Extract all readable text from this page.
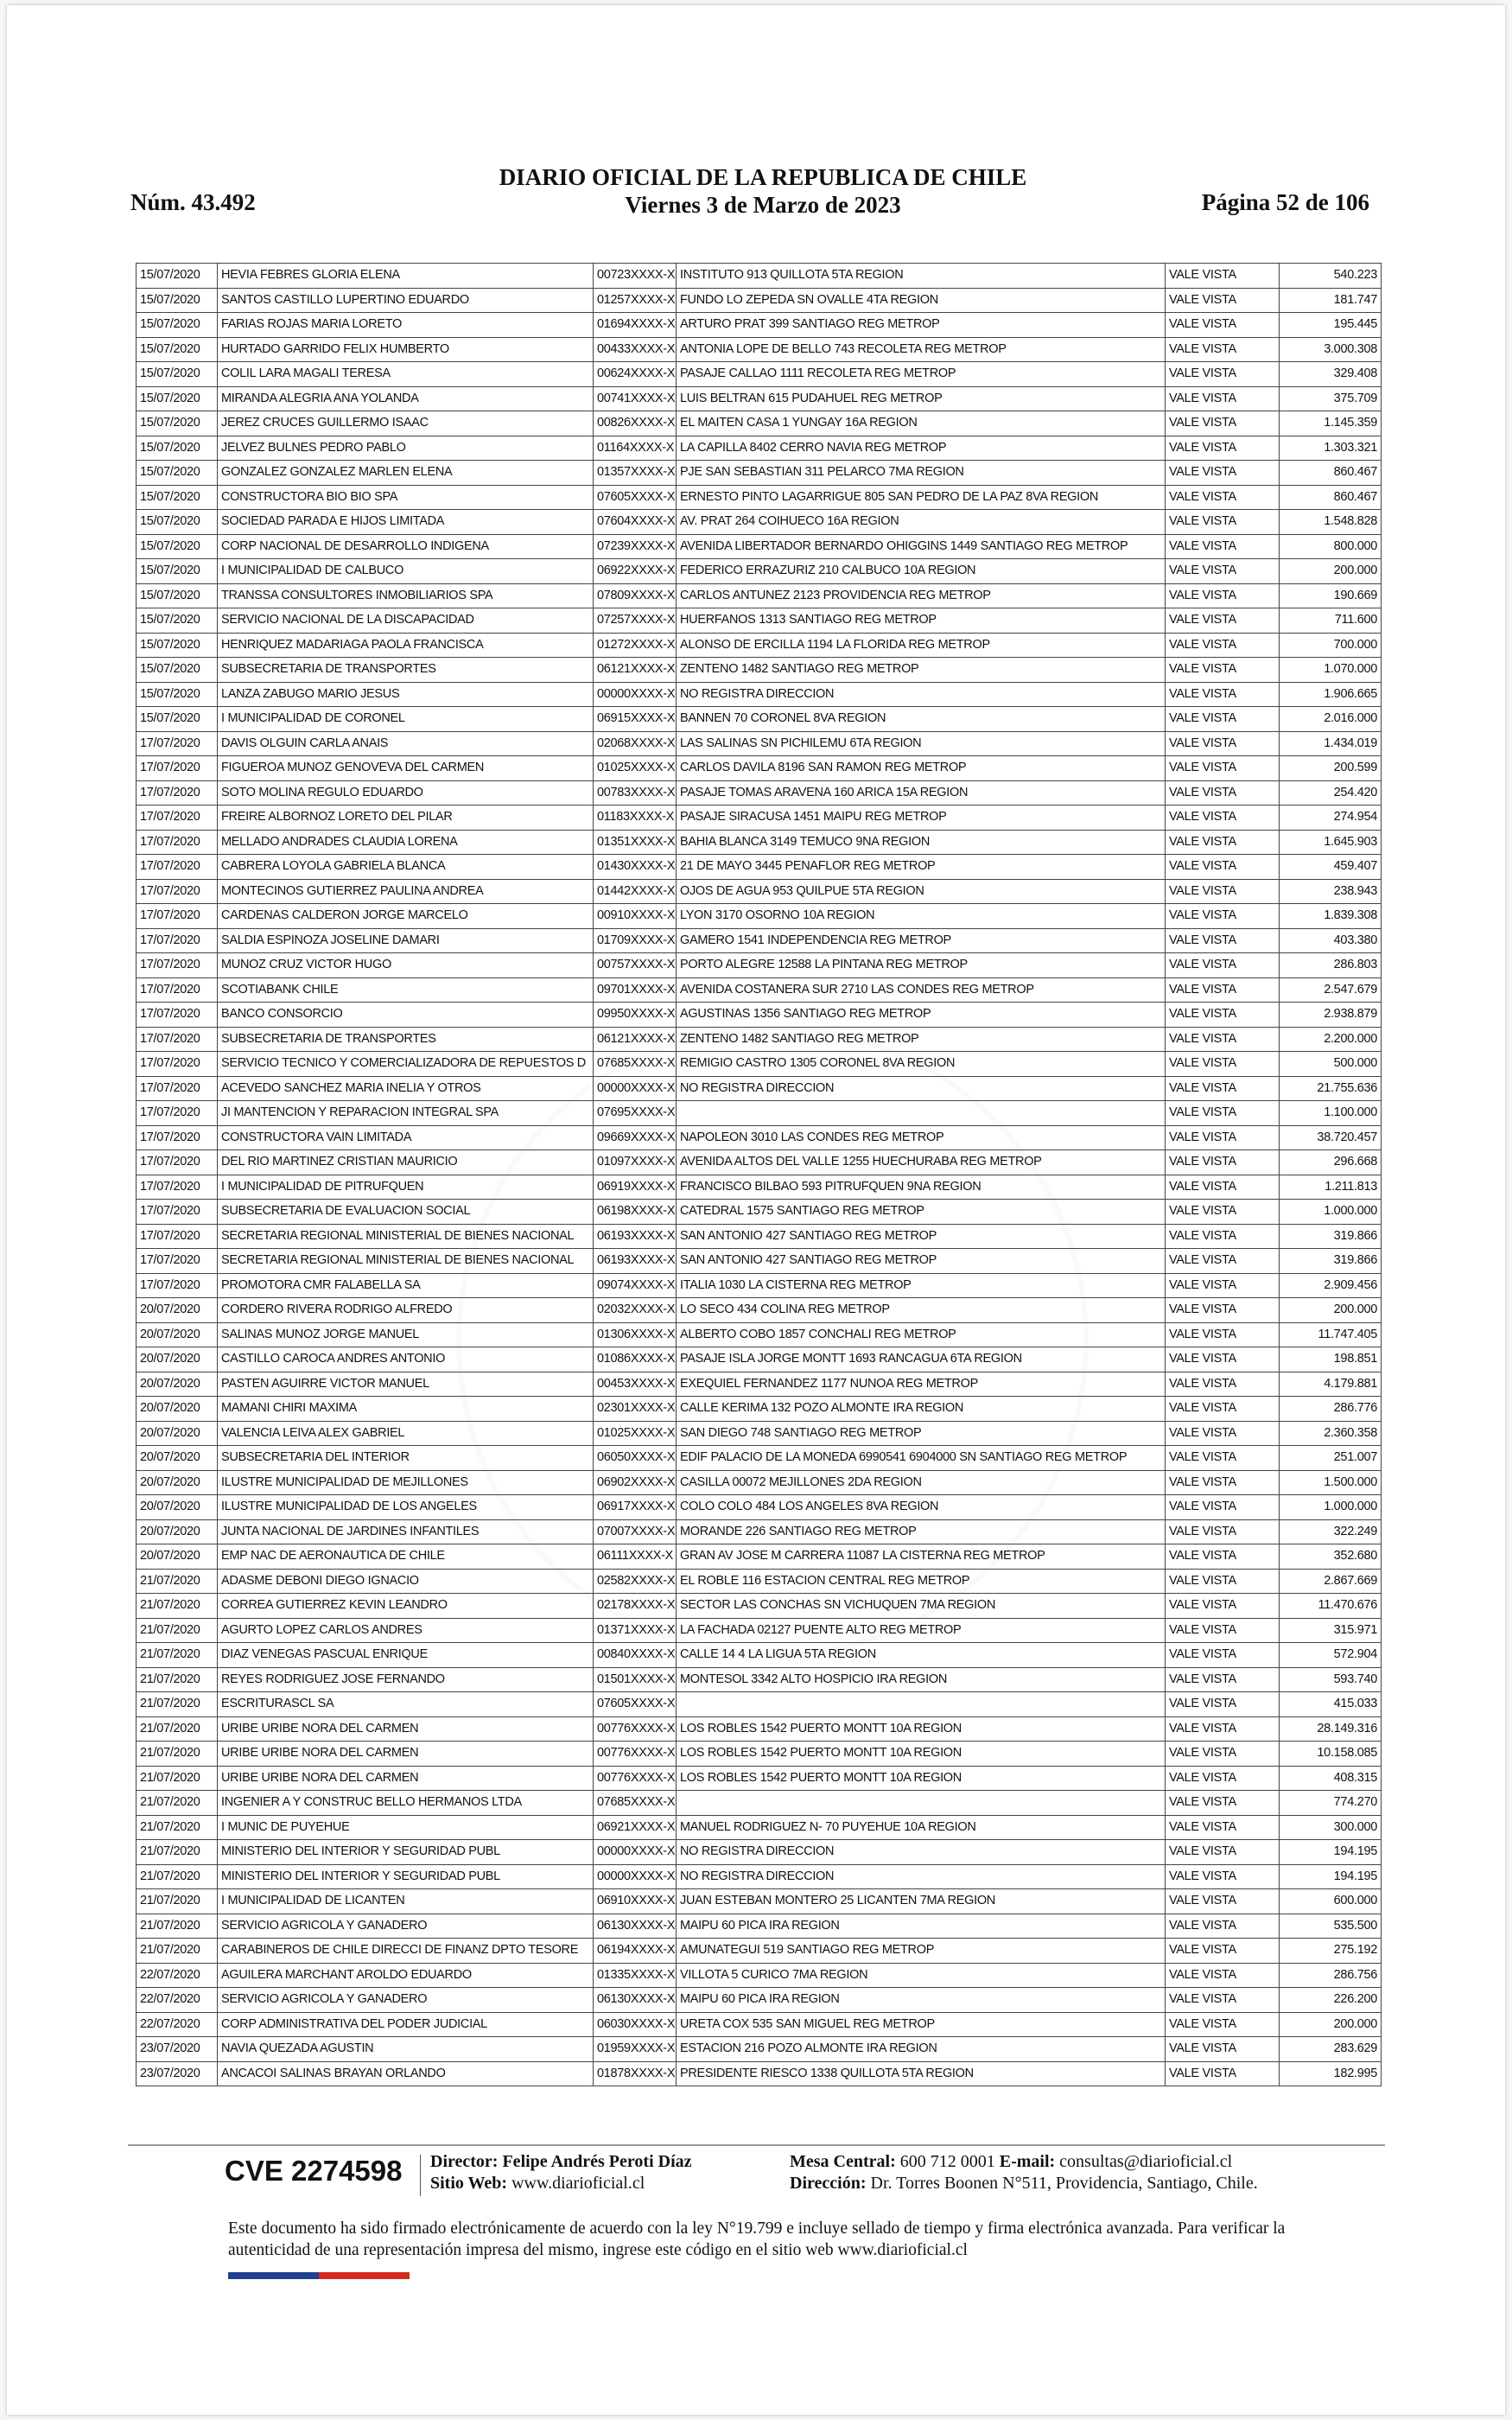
Núm. 43.492
DIARIO OFICIAL DE LA REPUBLICA DE CHILE
Viernes 3 de Marzo de 2023	Página 52 de 106
15/07/2020	HEVIA FEBRES GLORIA ELENA	00723XXXX-X	INSTITUTO 913 QUILLOTA 5TA REGION	VALE VISTA	540.223
15/07/2020	SANTOS CASTILLO LUPERTINO EDUARDO	01257XXXX-X	FUNDO LO ZEPEDA SN OVALLE 4TA REGION	VALE VISTA	181.747
15/07/2020	FARIAS ROJAS MARIA LORETO	01694XXXX-X	ARTURO PRAT 399 SANTIAGO REG METROP	VALE VISTA	195.445
15/07/2020	HURTADO GARRIDO FELIX HUMBERTO	00433XXXX-X	ANTONIA LOPE DE BELLO 743 RECOLETA REG METROP	VALE VISTA	3.000.308
15/07/2020	COLIL LARA MAGALI TERESA	00624XXXX-X	PASAJE CALLAO 1111 RECOLETA REG METROP	VALE VISTA	329.408
15/07/2020	MIRANDA ALEGRIA ANA YOLANDA	00741XXXX-X	LUIS BELTRAN 615 PUDAHUEL REG METROP	VALE VISTA	375.709
15/07/2020	JEREZ CRUCES GUILLERMO ISAAC	00826XXXX-X	EL MAITEN CASA 1 YUNGAY 16A REGION	VALE VISTA	1.145.359
15/07/2020	JELVEZ BULNES PEDRO PABLO	01164XXXX-X	LA CAPILLA 8402 CERRO NAVIA REG METROP	VALE VISTA	1.303.321
15/07/2020	GONZALEZ GONZALEZ MARLEN ELENA	01357XXXX-X	PJE SAN SEBASTIAN 311 PELARCO 7MA REGION	VALE VISTA	860.467
15/07/2020	CONSTRUCTORA BIO BIO SPA	07605XXXX-X	ERNESTO PINTO LAGARRIGUE 805 SAN PEDRO DE LA PAZ 8VA REGION	VALE VISTA	860.467
15/07/2020	SOCIEDAD PARADA E HIJOS LIMITADA	07604XXXX-X	AV. PRAT 264 COIHUECO 16A REGION	VALE VISTA	1.548.828
15/07/2020	CORP NACIONAL DE DESARROLLO INDIGENA	07239XXXX-X	AVENIDA LIBERTADOR BERNARDO OHIGGINS 1449 SANTIAGO REG METROP	VALE VISTA	800.000
15/07/2020	I MUNICIPALIDAD DE CALBUCO	06922XXXX-X	FEDERICO ERRAZURIZ 210 CALBUCO 10A REGION	VALE VISTA	200.000
15/07/2020	TRANSSA CONSULTORES INMOBILIARIOS SPA	07809XXXX-X	CARLOS ANTUNEZ 2123 PROVIDENCIA REG METROP	VALE VISTA	190.669
15/07/2020	SERVICIO NACIONAL DE LA DISCAPACIDAD	07257XXXX-X	HUERFANOS 1313 SANTIAGO REG METROP	VALE VISTA	711.600
15/07/2020	HENRIQUEZ MADARIAGA PAOLA FRANCISCA	01272XXXX-X	ALONSO DE ERCILLA 1194 LA FLORIDA REG METROP	VALE VISTA	700.000
15/07/2020	SUBSECRETARIA DE TRANSPORTES	06121XXXX-X	ZENTENO 1482 SANTIAGO REG METROP	VALE VISTA	1.070.000
15/07/2020	LANZA ZABUGO MARIO JESUS	00000XXXX-X	NO REGISTRA DIRECCION	VALE VISTA	1.906.665
15/07/2020	I MUNICIPALIDAD DE CORONEL	06915XXXX-X	BANNEN 70 CORONEL 8VA REGION	VALE VISTA	2.016.000
17/07/2020	DAVIS OLGUIN CARLA ANAIS	02068XXXX-X	LAS SALINAS SN PICHILEMU 6TA REGION	VALE VISTA	1.434.019
17/07/2020	FIGUEROA MUNOZ GENOVEVA DEL CARMEN	01025XXXX-X	CARLOS DAVILA 8196 SAN RAMON REG METROP	VALE VISTA	200.599
17/07/2020	SOTO MOLINA REGULO EDUARDO	00783XXXX-X	PASAJE TOMAS ARAVENA 160 ARICA 15A REGION	VALE VISTA	254.420
17/07/2020	FREIRE ALBORNOZ LORETO DEL PILAR	01183XXXX-X	PASAJE SIRACUSA 1451 MAIPU REG METROP	VALE VISTA	274.954
17/07/2020	MELLADO ANDRADES CLAUDIA LORENA	01351XXXX-X	BAHIA BLANCA 3149 TEMUCO 9NA REGION	VALE VISTA	1.645.903
17/07/2020	CABRERA LOYOLA GABRIELA BLANCA	01430XXXX-X	21 DE MAYO 3445 PENAFLOR REG METROP	VALE VISTA	459.407
17/07/2020	MONTECINOS GUTIERREZ PAULINA ANDREA	01442XXXX-X	OJOS DE AGUA 953 QUILPUE 5TA REGION	VALE VISTA	238.943
17/07/2020	CARDENAS CALDERON JORGE MARCELO	00910XXXX-X	LYON 3170 OSORNO 10A REGION	VALE VISTA	1.839.308
17/07/2020	SALDIA ESPINOZA JOSELINE DAMARI	01709XXXX-X	GAMERO 1541 INDEPENDENCIA REG METROP	VALE VISTA	403.380
17/07/2020	MUNOZ CRUZ VICTOR HUGO	00757XXXX-X	PORTO ALEGRE 12588 LA PINTANA REG METROP	VALE VISTA	286.803
17/07/2020	SCOTIABANK CHILE	09701XXXX-X	AVENIDA COSTANERA SUR 2710 LAS CONDES REG METROP	VALE VISTA	2.547.679
17/07/2020	BANCO CONSORCIO	09950XXXX-X	AGUSTINAS 1356 SANTIAGO REG METROP	VALE VISTA	2.938.879
17/07/2020	SUBSECRETARIA DE TRANSPORTES	06121XXXX-X	ZENTENO 1482 SANTIAGO REG METROP	VALE VISTA	2.200.000
17/07/2020	SERVICIO TECNICO Y COMERCIALIZADORA DE REPUESTOS D	07685XXXX-X	REMIGIO CASTRO 1305 CORONEL 8VA REGION	VALE VISTA	500.000
17/07/2020	ACEVEDO SANCHEZ MARIA INELIA Y OTROS	00000XXXX-X	NO REGISTRA DIRECCION	VALE VISTA	21.755.636
17/07/2020	JI MANTENCION Y REPARACION INTEGRAL SPA	07695XXXX-X		VALE VISTA	1.100.000
17/07/2020	CONSTRUCTORA VAIN LIMITADA	09669XXXX-X	NAPOLEON 3010 LAS CONDES REG METROP	VALE VISTA	38.720.457
17/07/2020	DEL RIO MARTINEZ CRISTIAN MAURICIO	01097XXXX-X	AVENIDA ALTOS DEL VALLE 1255 HUECHURABA REG METROP	VALE VISTA	296.668
17/07/2020	I MUNICIPALIDAD DE PITRUFQUEN	06919XXXX-X	FRANCISCO BILBAO 593 PITRUFQUEN 9NA REGION	VALE VISTA	1.211.813
17/07/2020	SUBSECRETARIA DE EVALUACION SOCIAL	06198XXXX-X	CATEDRAL 1575 SANTIAGO REG METROP	VALE VISTA	1.000.000
17/07/2020	SECRETARIA REGIONAL MINISTERIAL DE BIENES NACIONAL	06193XXXX-X	SAN ANTONIO 427 SANTIAGO REG METROP	VALE VISTA	319.866
17/07/2020	SECRETARIA REGIONAL MINISTERIAL DE BIENES NACIONAL	06193XXXX-X	SAN ANTONIO 427 SANTIAGO REG METROP	VALE VISTA	319.866
17/07/2020	PROMOTORA CMR FALABELLA SA	09074XXXX-X	ITALIA 1030 LA CISTERNA REG METROP	VALE VISTA	2.909.456
20/07/2020	CORDERO RIVERA RODRIGO ALFREDO	02032XXXX-X	LO SECO 434 COLINA REG METROP	VALE VISTA	200.000
20/07/2020	SALINAS MUNOZ JORGE MANUEL	01306XXXX-X	ALBERTO COBO 1857 CONCHALI REG METROP	VALE VISTA	11.747.405
20/07/2020	CASTILLO CAROCA ANDRES ANTONIO	01086XXXX-X	PASAJE ISLA JORGE MONTT 1693 RANCAGUA 6TA REGION	VALE VISTA	198.851
20/07/2020	PASTEN AGUIRRE VICTOR MANUEL	00453XXXX-X	EXEQUIEL FERNANDEZ 1177 NUNOA REG METROP	VALE VISTA	4.179.881
20/07/2020	MAMANI CHIRI MAXIMA	02301XXXX-X	CALLE KERIMA 132 POZO ALMONTE IRA REGION	VALE VISTA	286.776
20/07/2020	VALENCIA LEIVA ALEX GABRIEL	01025XXXX-X	SAN DIEGO 748 SANTIAGO REG METROP	VALE VISTA	2.360.358
20/07/2020	SUBSECRETARIA DEL INTERIOR	06050XXXX-X	EDIF PALACIO DE LA MONEDA 6990541 6904000 SN SANTIAGO REG METROP	VALE VISTA	251.007
20/07/2020	ILUSTRE MUNICIPALIDAD DE MEJILLONES	06902XXXX-X	CASILLA 00072 MEJILLONES 2DA REGION	VALE VISTA	1.500.000
20/07/2020	ILUSTRE MUNICIPALIDAD DE LOS ANGELES	06917XXXX-X	COLO COLO 484 LOS ANGELES 8VA REGION	VALE VISTA	1.000.000
20/07/2020	JUNTA NACIONAL DE JARDINES INFANTILES	07007XXXX-X	MORANDE 226 SANTIAGO REG METROP	VALE VISTA	322.249
20/07/2020	EMP NAC DE AERONAUTICA DE CHILE	06111XXXX-X	GRAN AV JOSE M CARRERA 11087 LA CISTERNA REG METROP	VALE VISTA	352.680
21/07/2020	ADASME DEBONI DIEGO IGNACIO	02582XXXX-X	EL ROBLE 116 ESTACION CENTRAL REG METROP	VALE VISTA	2.867.669
21/07/2020	CORREA GUTIERREZ KEVIN LEANDRO	02178XXXX-X	SECTOR LAS CONCHAS SN VICHUQUEN 7MA REGION	VALE VISTA	11.470.676
21/07/2020	AGURTO LOPEZ CARLOS ANDRES	01371XXXX-X	LA FACHADA 02127 PUENTE ALTO REG METROP	VALE VISTA	315.971
21/07/2020	DIAZ VENEGAS PASCUAL ENRIQUE	00840XXXX-X	CALLE 14 4 LA LIGUA 5TA REGION	VALE VISTA	572.904
21/07/2020	REYES RODRIGUEZ JOSE FERNANDO	01501XXXX-X	MONTESOL 3342 ALTO HOSPICIO IRA REGION	VALE VISTA	593.740
21/07/2020	ESCRITURASCL SA	07605XXXX-X		VALE VISTA	415.033
21/07/2020	URIBE URIBE NORA DEL CARMEN	00776XXXX-X	LOS ROBLES 1542 PUERTO MONTT 10A REGION	VALE VISTA	28.149.316
21/07/2020	URIBE URIBE NORA DEL CARMEN	00776XXXX-X	LOS ROBLES 1542 PUERTO MONTT 10A REGION	VALE VISTA	10.158.085
21/07/2020	URIBE URIBE NORA DEL CARMEN	00776XXXX-X	LOS ROBLES 1542 PUERTO MONTT 10A REGION	VALE VISTA	408.315
21/07/2020	INGENIER A Y CONSTRUC BELLO HERMANOS LTDA	07685XXXX-X		VALE VISTA	774.270
21/07/2020	I MUNIC DE PUYEHUE	06921XXXX-X	MANUEL RODRIGUEZ N- 70 PUYEHUE 10A REGION	VALE VISTA	300.000
21/07/2020	MINISTERIO DEL INTERIOR Y SEGURIDAD PUBL	00000XXXX-X	NO REGISTRA DIRECCION	VALE VISTA	194.195
21/07/2020	MINISTERIO DEL INTERIOR Y SEGURIDAD PUBL	00000XXXX-X	NO REGISTRA DIRECCION	VALE VISTA	194.195
21/07/2020	I MUNICIPALIDAD DE LICANTEN	06910XXXX-X	JUAN ESTEBAN MONTERO 25 LICANTEN 7MA REGION	VALE VISTA	600.000
21/07/2020	SERVICIO AGRICOLA Y GANADERO	06130XXXX-X	MAIPU 60 PICA IRA REGION	VALE VISTA	535.500
21/07/2020	CARABINEROS DE CHILE DIRECCI DE FINANZ DPTO TESORE	06194XXXX-X	AMUNATEGUI 519 SANTIAGO REG METROP	VALE VISTA	275.192
22/07/2020	AGUILERA MARCHANT AROLDO EDUARDO	01335XXXX-X	VILLOTA 5 CURICO 7MA REGION	VALE VISTA	286.756
22/07/2020	SERVICIO AGRICOLA Y GANADERO	06130XXXX-X	MAIPU 60 PICA IRA REGION	VALE VISTA	226.200
22/07/2020	CORP ADMINISTRATIVA DEL PODER JUDICIAL	06030XXXX-X	URETA COX 535 SAN MIGUEL REG METROP	VALE VISTA	200.000
23/07/2020	NAVIA QUEZADA AGUSTIN	01959XXXX-X	ESTACION 216 POZO ALMONTE IRA REGION	VALE VISTA	283.629
23/07/2020	ANCACOI SALINAS BRAYAN ORLANDO	01878XXXX-X	PRESIDENTE RIESCO 1338 QUILLOTA 5TA REGION	VALE VISTA	182.995
CVE 2274598 Director: Felipe Andrés Peroti Díaz
Sitio Web: www.diarioficial.cl
Mesa Central: 600 712 0001 E-mail: consultas@diarioficial.cl
Dirección: Dr. Torres Boonen N°511, Providencia, Santiago, Chile.
Este documento ha sido firmado electrónicamente de acuerdo con la ley N°19.799 e incluye sellado de tiempo y firma electrónica avanzada. Para verificar la autenticidad de una representación impresa del mismo, ingrese este código en el sitio web www.diarioficial.cl
